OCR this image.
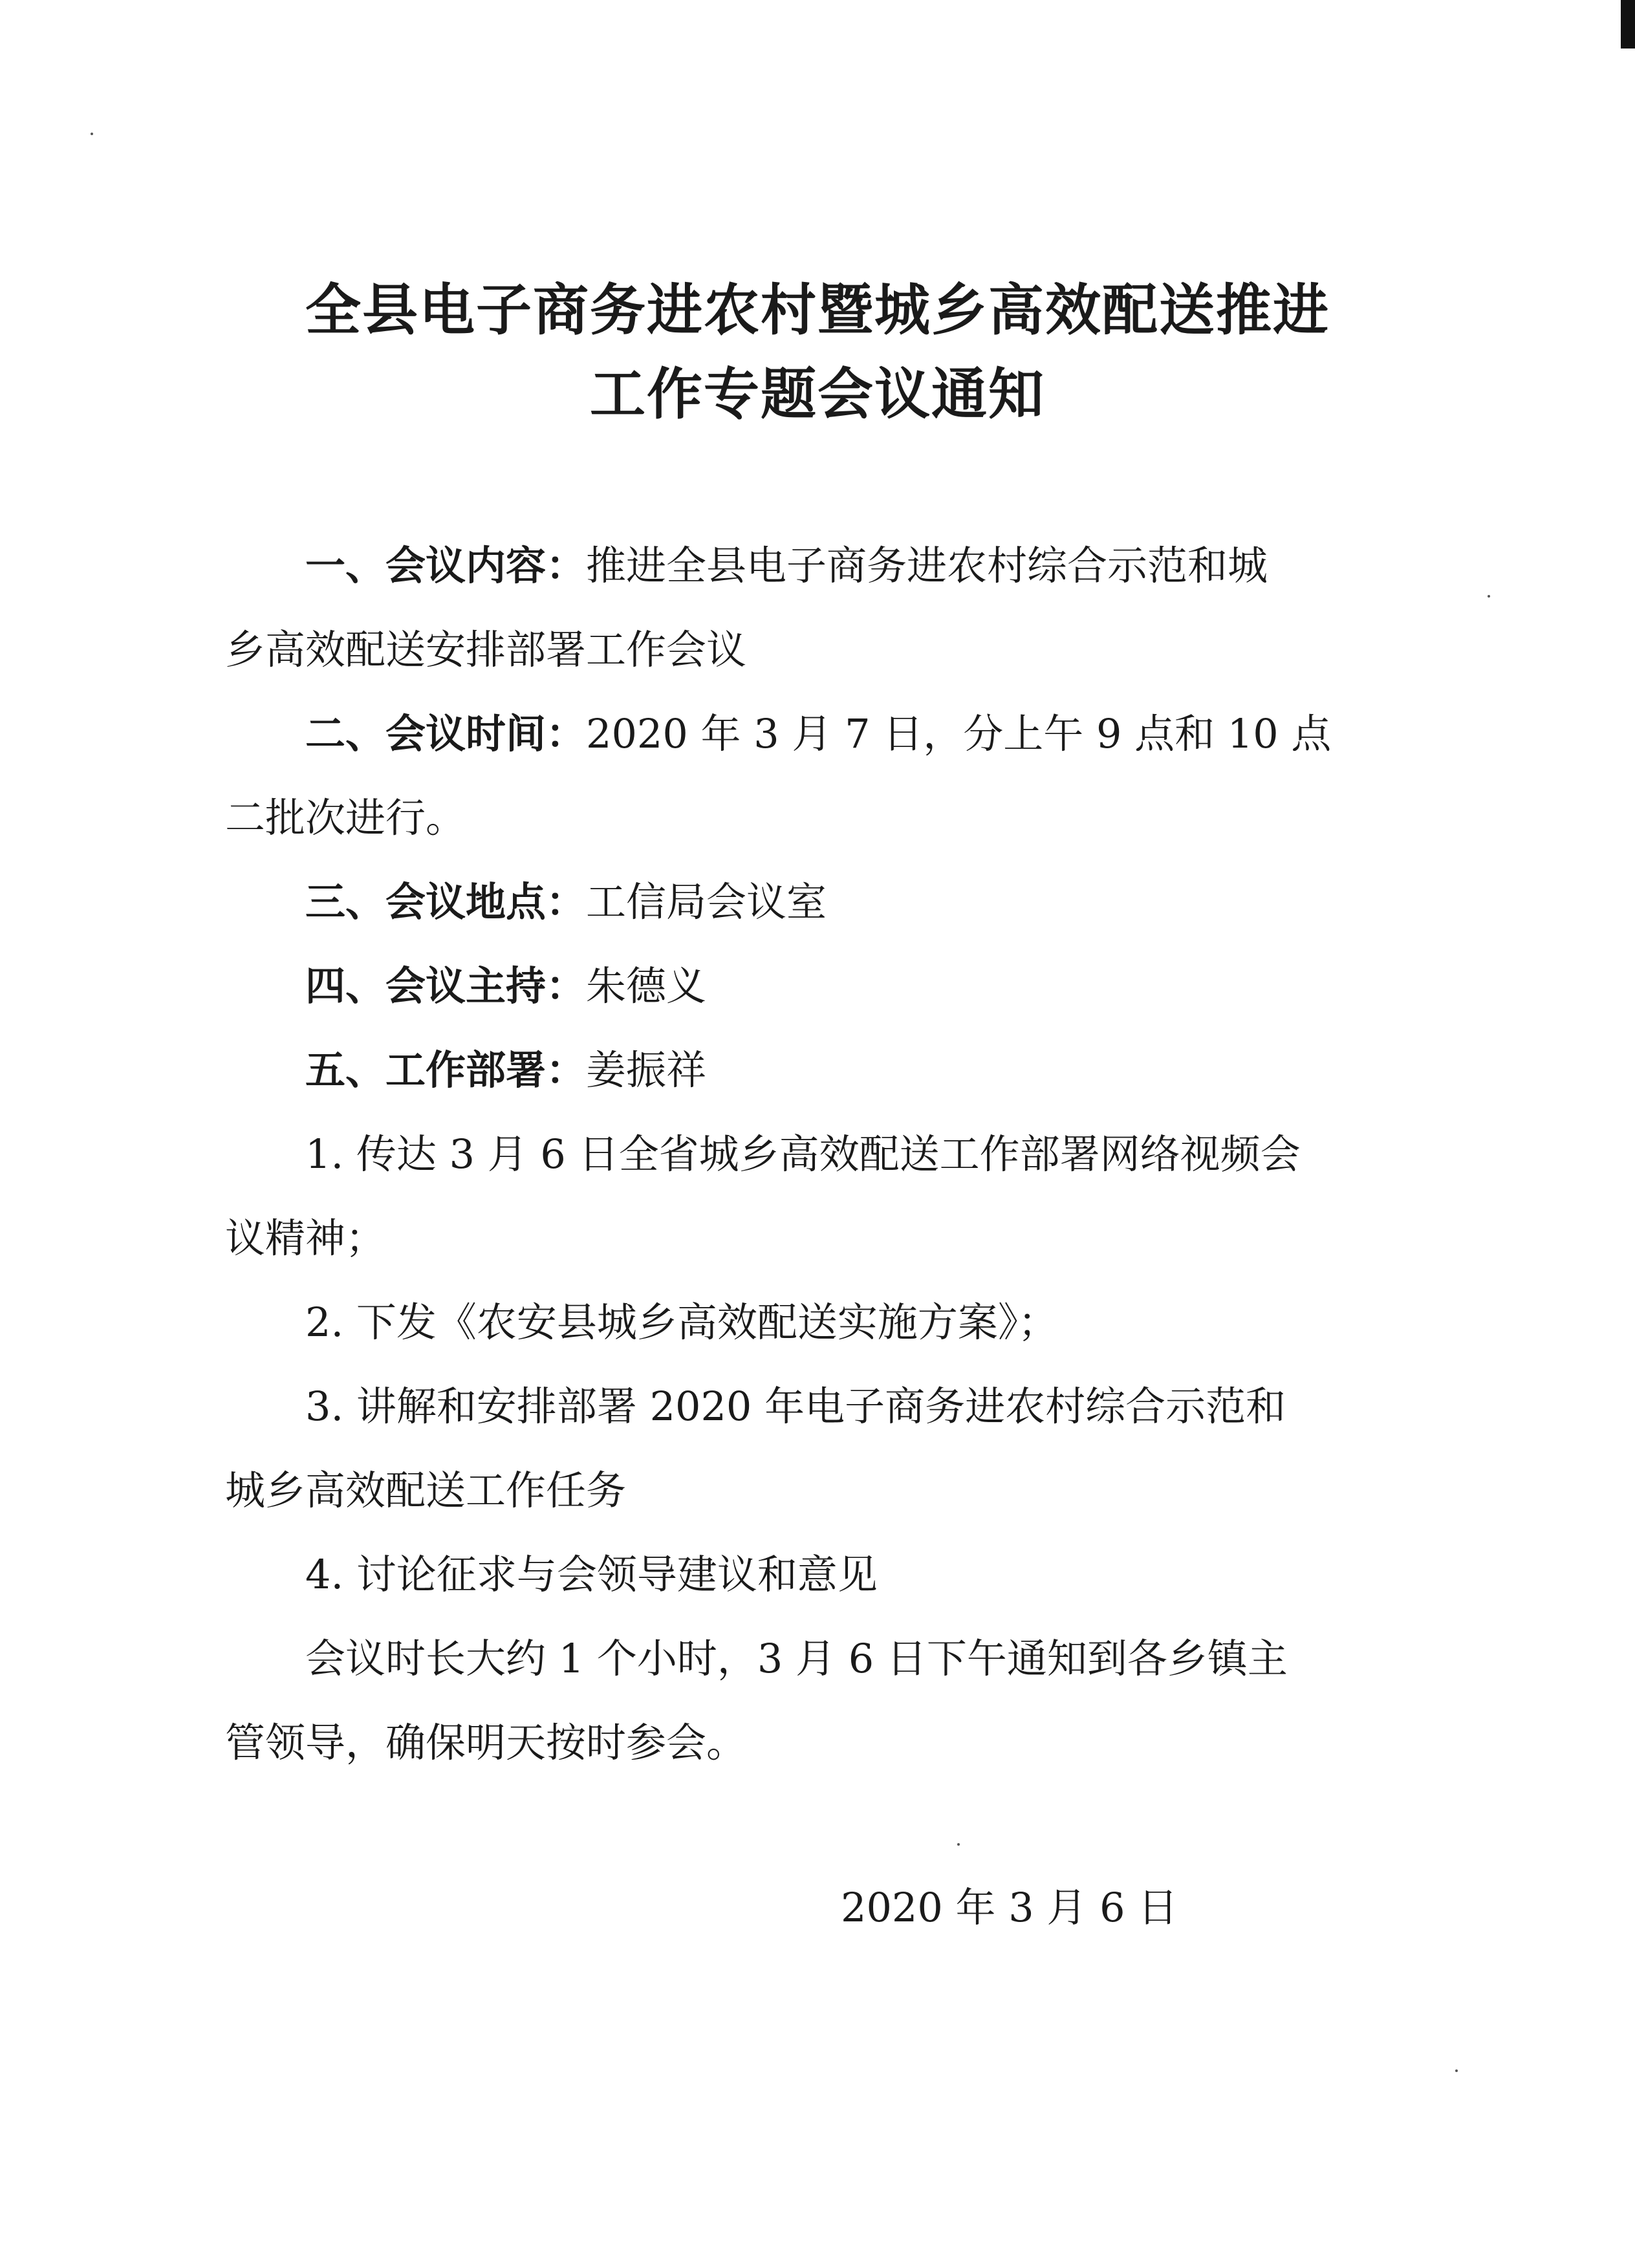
全县电子商务进农村暨城乡高效配送推进
工作专题会议通知
一、会议内容：推进全县电子商务进农村综合示范和城
乡高效配送安排部署工作会议
二、会议时间：2020 年 3 月 7 日，分上午 9 点和 10 点
二批次进行。
三、会议地点：工信局会议室
四、会议主持：朱德义
五、工作部署：姜振祥
1. 传达 3 月 6 日全省城乡高效配送工作部署网络视频会
议精神；
2. 下发《农安县城乡高效配送实施方案》；
3. 讲解和安排部署 2020 年电子商务进农村综合示范和
城乡高效配送工作任务
4. 讨论征求与会领导建议和意见
会议时长大约 1 个小时，3 月 6 日下午通知到各乡镇主
管领导，确保明天按时参会。
2020 年 3 月 6 日
